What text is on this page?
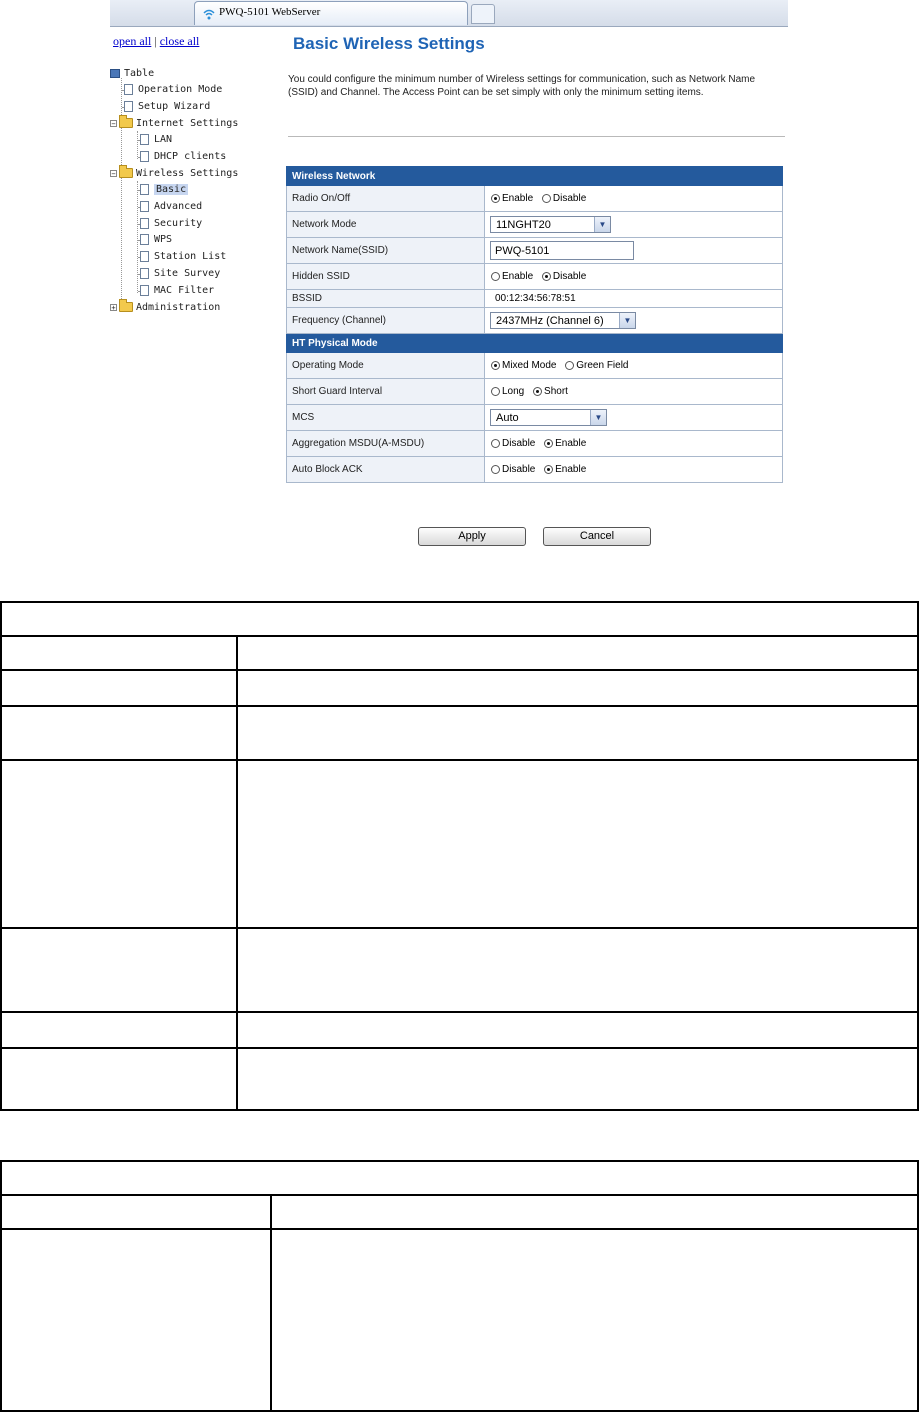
PWQ-5101 WebServer
open all | close all
Table
Operation Mode
Setup Wizard
− Internet Settings
LAN
DHCP clients
− Wireless Settings
Basic
Advanced
Security
WPS
Station List
Site Survey
MAC Filter
+ Administration
Basic Wireless Settings
You could configure the minimum number of Wireless settings for communication, such as Network Name (SSID) and Channel. The Access Point can be set simply with only the minimum setting items.
Wireless Network	
Radio On/Off	Enable Disable
Network Mode	11NGHT20 ▼

Network Name(SSID)	PWQ-5101
Hidden SSID	Enable Disable
BSSID	00:12:34:56:78:51
Frequency (Channel)	2437MHz (Channel 6) ▼

HT Physical Mode	
Operating Mode	Mixed Mode Green Field
Short Guard Interval	Long Short
MCS	Auto ▼

Aggregation MSDU(A-MSDU)	Disable Enable
Auto Block ACK	Disable Enable
Apply	Cancel
